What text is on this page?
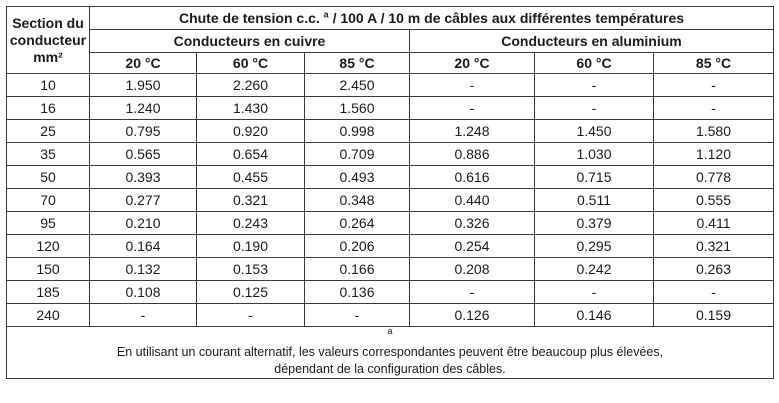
Section du
conducteur
mm²	Chute de tension c.c. $^a$ / 100 A / 10 m de câbles aux différentes températures					
	Conducteurs en cuivre			Conducteurs en aluminium		
	20 °C	60 °C	85 °C	20 °C	60 °C	85 °C
10	1.950	2.260	2.450	-	-	-
16	1.240	1.430	1.560	-	-	-
25	0.795	0.920	0.998	1.248	1.450	1.580
35	0.565	0.654	0.709	0.886	1.030	1.120
50	0.393	0.455	0.493	0.616	0.715	0.778
70	0.277	0.321	0.348	0.440	0.511	0.555
95	0.210	0.243	0.264	0.326	0.379	0.411
120	0.164	0.190	0.206	0.254	0.295	0.321
150	0.132	0.153	0.166	0.208	0.242	0.263
185	0.108	0.125	0.136	-	-	-
240	-	-	-	0.126	0.146	0.159

$^a$
En utilisant un courant alternatif, les valeurs correspondantes peuvent être beaucoup plus élevées,
dépendant de la configuration des câbles.						
